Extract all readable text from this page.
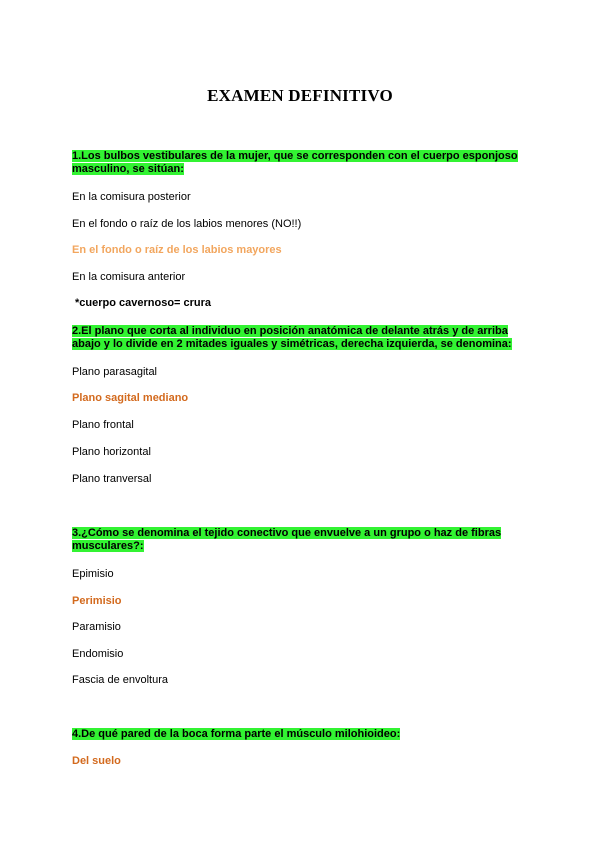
EXAMEN DEFINITIVO
1.Los bulbos vestibulares de la mujer, que se corresponden con el cuerpo esponjoso masculino, se sitúan:
En la comisura posterior
En el fondo o raíz de los labios menores (NO!!)
En el fondo o raíz de los labios mayores
En la comisura anterior
*cuerpo cavernoso= crura
2.El plano que corta al individuo en posición anatómica de delante atrás y de arriba abajo y lo divide en 2 mitades iguales y simétricas, derecha izquierda, se denomina:
Plano parasagital
Plano sagital mediano
Plano frontal
Plano horizontal
Plano tranversal
3.¿Cómo se denomina el tejido conectivo que envuelve a un grupo o haz de fibras musculares?:
Epimisio
Perimisio
Paramisio
Endomisio
Fascia de envoltura
4.De qué pared de la boca forma parte el músculo milohioideo:
Del suelo
